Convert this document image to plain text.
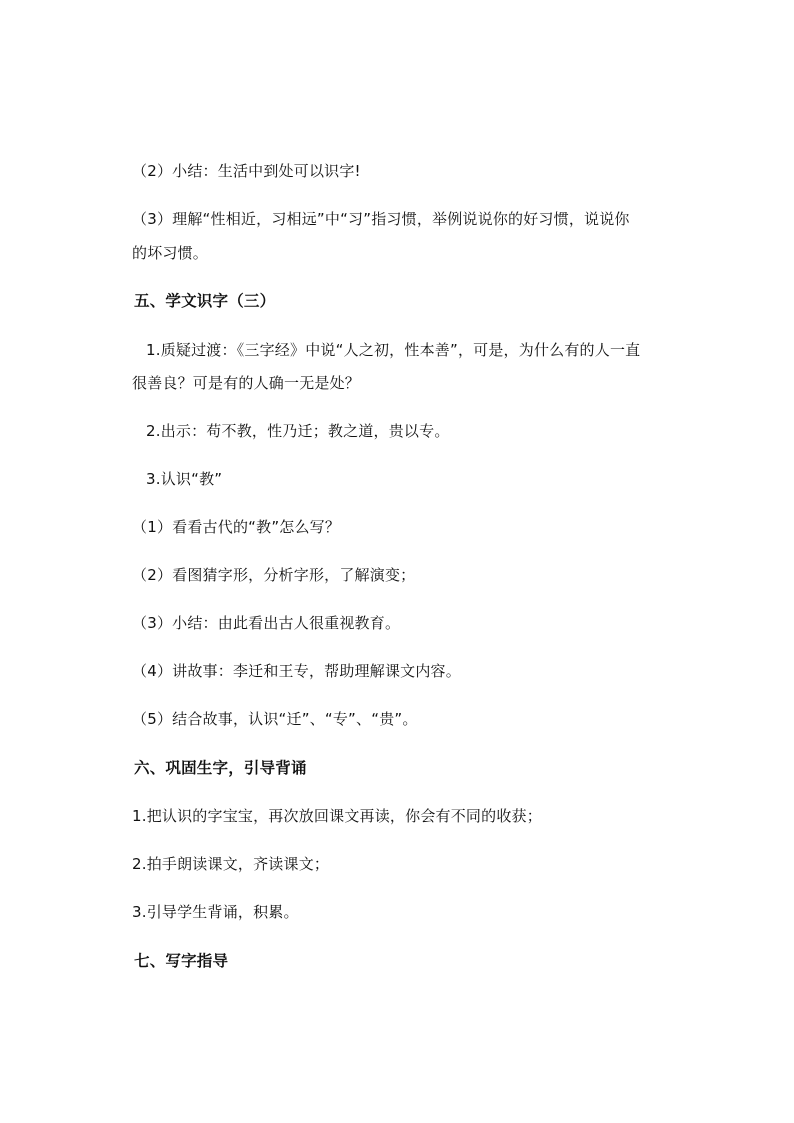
（2）小结：生活中到处可以识字!
（3）理解“性相近，习相远”中“习”指习惯，举例说说你的好习惯，说说你
的坏习惯。
五、学文识字（三）
1.质疑过渡：《三字经》中说“人之初，性本善”，可是，为什么有的人一直
很善良？可是有的人确一无是处？
2.出示：苟不教，性乃迁；教之道，贵以专。
3.认识“教”
（1）看看古代的“教”怎么写？
（2）看图猜字形，分析字形，了解演变；
（3）小结：由此看出古人很重视教育。
（4）讲故事：李迁和王专，帮助理解课文内容。
（5）结合故事，认识“迁”、“专”、“贵”。
六、巩固生字，引导背诵
1.把认识的字宝宝，再次放回课文再读，你会有不同的收获；
2.拍手朗读课文，齐读课文；
3.引导学生背诵，积累。
七、写字指导
